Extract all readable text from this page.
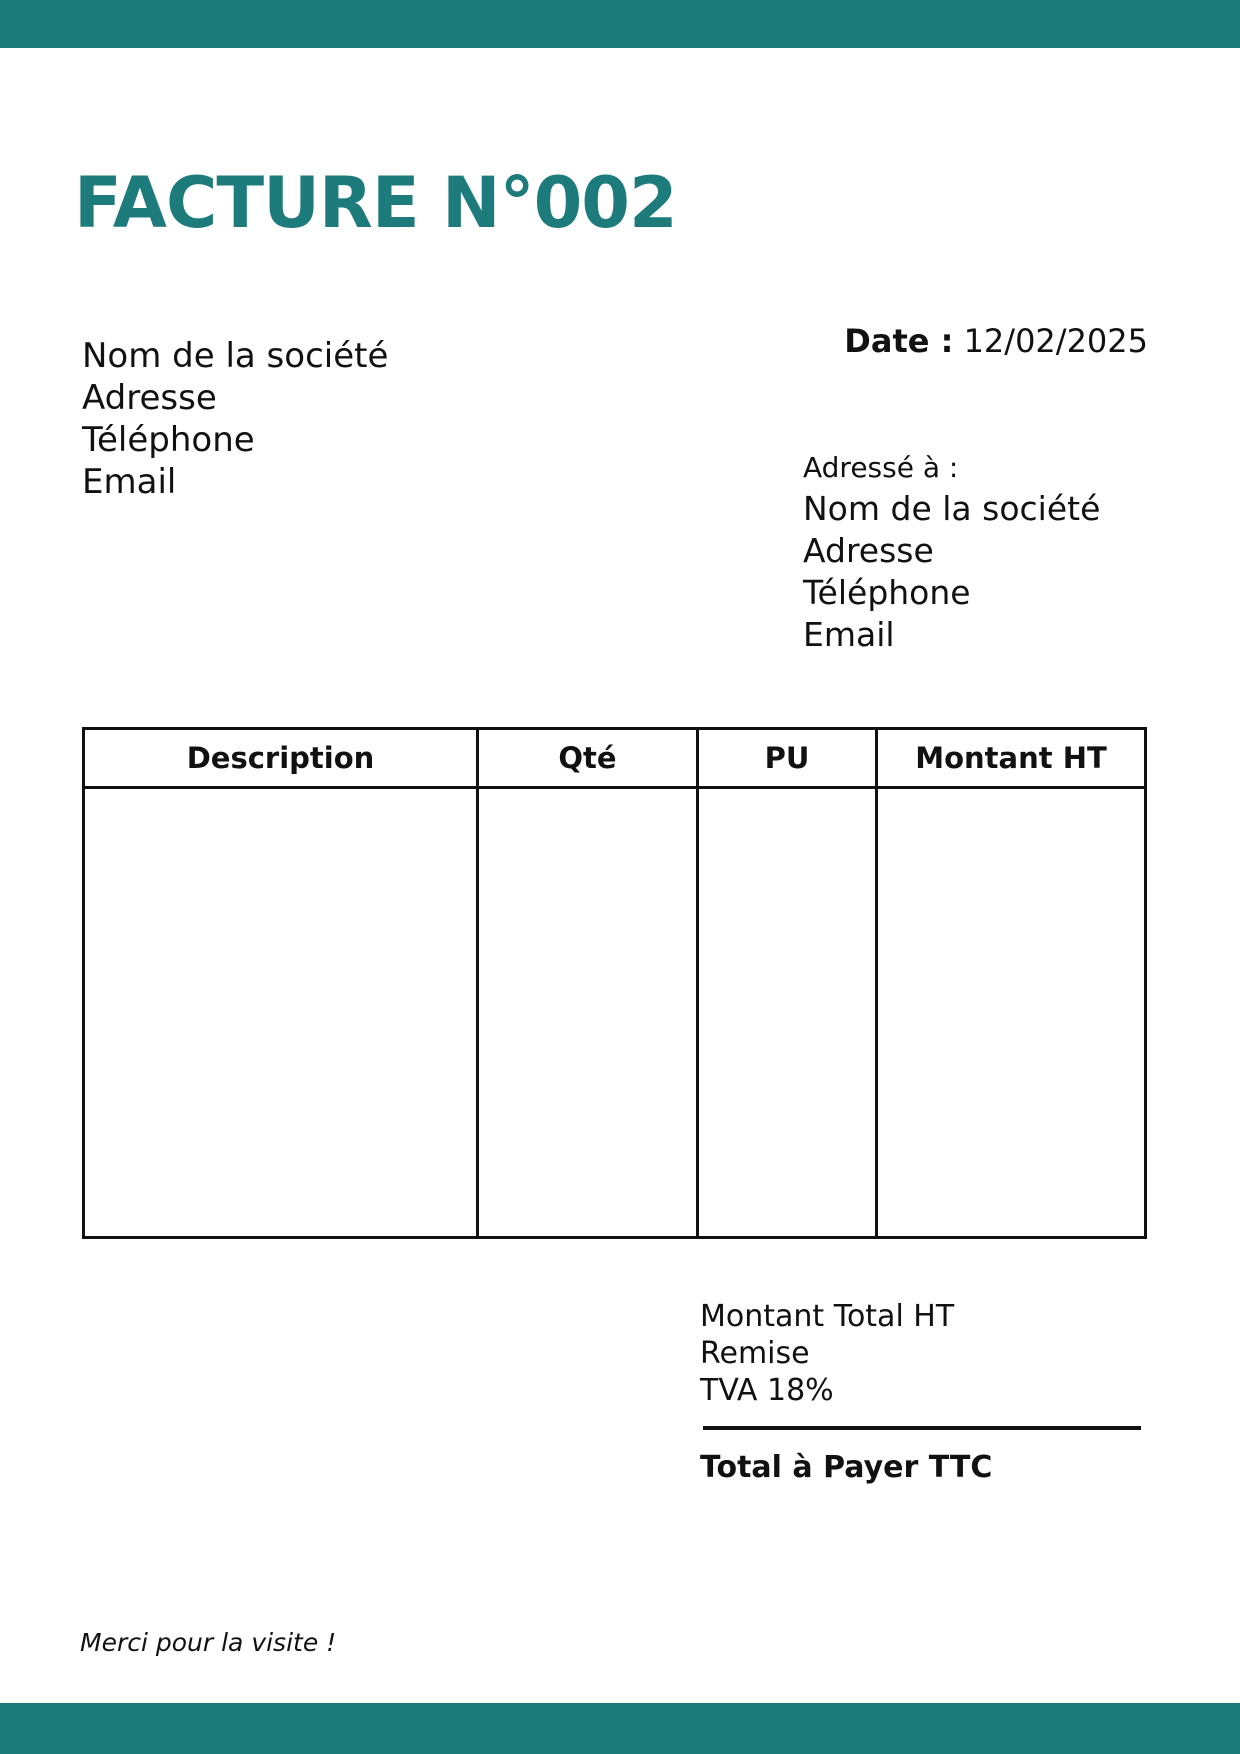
FACTURE N°002
Nom de la société
Adresse
Téléphone
Email
Date : 12/02/2025
Adressé à :
Nom de la société
Adresse
Téléphone
Email
Description	Qté	PU	Montant HT

Montant Total HT
Remise
TVA 18%
Total à Payer TTC
Merci pour la visite !
